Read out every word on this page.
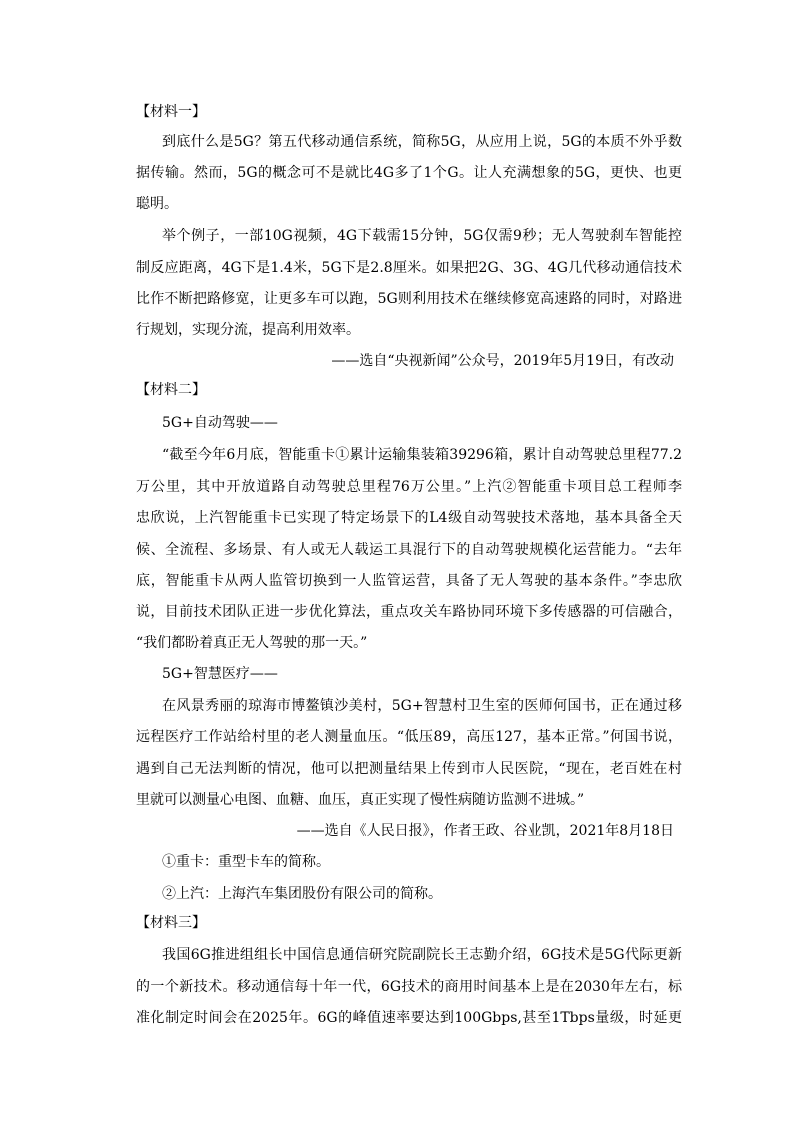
【材料一】
到底什么是5G？第五代移动通信系统，简称5G，从应用上说，5G的本质不外乎数
据传输。然而，5G的概念可不是就比4G多了1个G。让人充满想象的5G，更快、也更
聪明。
举个例子，一部10G视频，4G下载需15分钟，5G仅需9秒；无人驾驶刹车智能控
制反应距离，4G下是1.4米，5G下是2.8厘米。如果把2G、3G、4G几代移动通信技术
比作不断把路修宽，让更多车可以跑，5G则利用技术在继续修宽高速路的同时，对路进
行规划，实现分流，提高利用效率。
——选自“央视新闻”公众号，2019年5月19日，有改动
【材料二】
5G+自动驾驶——
“截至今年6月底，智能重卡①累计运输集装箱39296箱，累计自动驾驶总里程77.2
万公里，其中开放道路自动驾驶总里程76万公里。”上汽②智能重卡项目总工程师李
忠欣说，上汽智能重卡已实现了特定场景下的L4级自动驾驶技术落地，基本具备全天
候、全流程、多场景、有人或无人载运工具混行下的自动驾驶规模化运营能力。“去年
底，智能重卡从两人监管切换到一人监管运营，具备了无人驾驶的基本条件。”李忠欣
说，目前技术团队正进一步优化算法，重点攻关车路协同环境下多传感器的可信融合，
“我们都盼着真正无人驾驶的那一天。”
5G+智慧医疗——
在风景秀丽的琼海市博鳌镇沙美村，5G+智慧村卫生室的医师何国书，正在通过移
远程医疗工作站给村里的老人测量血压。“低压89，高压127，基本正常。”何国书说，
遇到自己无法判断的情况，他可以把测量结果上传到市人民医院，“现在，老百姓在村
里就可以测量心电图、血糖、血压，真正实现了慢性病随访监测不进城。”
——选自《人民日报》，作者王政、谷业凯，2021年8月18日
①重卡：重型卡车的简称。
②上汽：上海汽车集团股份有限公司的简称。
【材料三】
我国6G推进组组长中国信息通信研究院副院长王志勤介绍，6G技术是5G代际更新
的一个新技术。移动通信每十年一代，6G技术的商用时间基本上是在2030年左右，标
准化制定时间会在2025年。6G的峰值速率要达到100Gbps,甚至1Tbps量级，时延更
